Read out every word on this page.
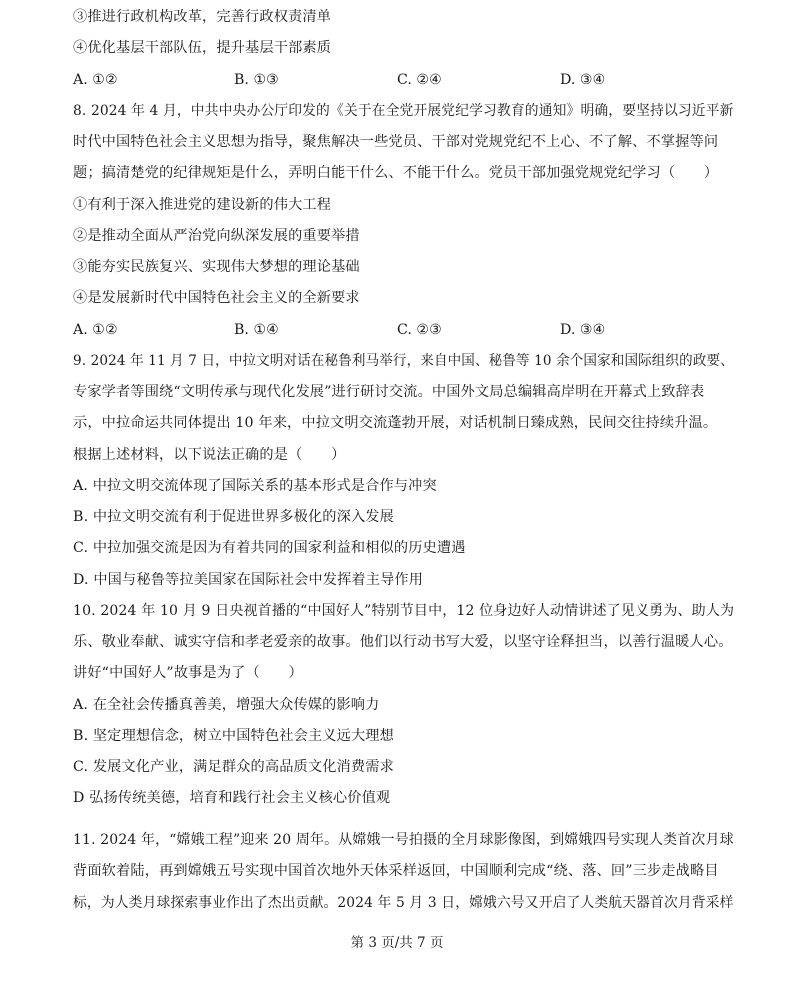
③推进行政机构改革，完善行政权责清单
④优化基层干部队伍，提升基层干部素质
A. ①②	B. ①③	C. ②④	D. ③④
8. 2024 年 4 月，中共中央办公厅印发的《关于在全党开展党纪学习教育的通知》明确，要坚持以习近平新
时代中国特色社会主义思想为指导，聚焦解决一些党员、干部对党规党纪不上心、不了解、不掌握等问
题；搞清楚党的纪律规矩是什么，弄明白能干什么、不能干什么。党员干部加强党规党纪学习（　　）
①有利于深入推进党的建设新的伟大工程
②是推动全面从严治党向纵深发展的重要举措
③能夯实民族复兴、实现伟大梦想的理论基础
④是发展新时代中国特色社会主义的全新要求
A. ①②	B. ①④	C. ②③	D. ③④
9. 2024 年 11 月 7 日，中拉文明对话在秘鲁利马举行，来自中国、秘鲁等 10 余个国家和国际组织的政要、
专家学者等围绕“文明传承与现代化发展”进行研讨交流。中国外文局总编辑高岸明在开幕式上致辞表
示，中拉命运共同体提出 10 年来，中拉文明交流蓬勃开展，对话机制日臻成熟，民间交往持续升温。
根据上述材料，以下说法正确的是（　　）
A. 中拉文明交流体现了国际关系的基本形式是合作与冲突
B. 中拉文明交流有利于促进世界多极化的深入发展
C. 中拉加强交流是因为有着共同的国家利益和相似的历史遭遇
D. 中国与秘鲁等拉美国家在国际社会中发挥着主导作用
10. 2024 年 10 月 9 日央视首播的“中国好人”特别节目中，12 位身边好人动情讲述了见义勇为、助人为
乐、敬业奉献、诚实守信和孝老爱亲的故事。他们以行动书写大爱，以坚守诠释担当，以善行温暖人心。
讲好“中国好人”故事是为了（　　）
A. 在全社会传播真善美，增强大众传媒的影响力
B. 坚定理想信念，树立中国特色社会主义远大理想
C. 发展文化产业，满足群众的高品质文化消费需求
D 弘扬传统美德，培育和践行社会主义核心价值观
11. 2024 年，“嫦娥工程”迎来 20 周年。从嫦娥一号拍摄的全月球影像图，到嫦娥四号实现人类首次月球
背面软着陆，再到嫦娥五号实现中国首次地外天体采样返回，中国顺利完成“绕、落、回”三步走战略目
标，为人类月球探索事业作出了杰出贡献。2024 年 5 月 3 日，嫦娥六号又开启了人类航天器首次月背采样
第 3 页/共 7 页
